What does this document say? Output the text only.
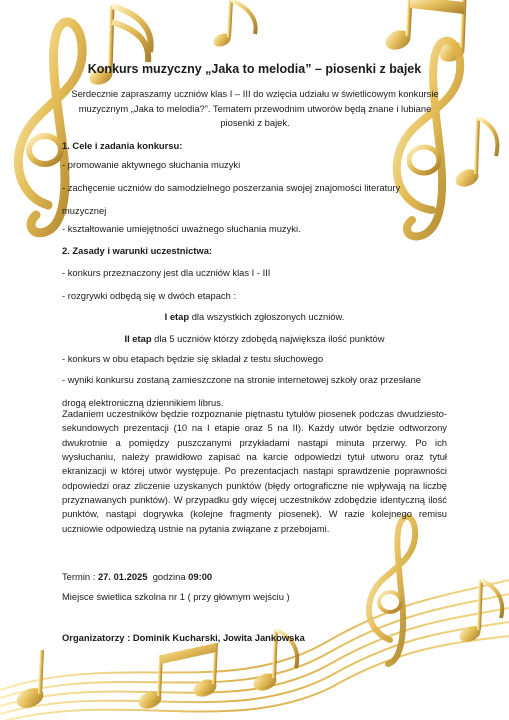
Konkurs muzyczny „Jaka to melodia” – piosenki z bajek

Serdecznie zapraszamy uczniów klas I – III do wzięcia udziału w świetlicowym konkursie muzycznym „Jaka to melodia?”. Tematem przewodnim utworów będą znane i lubiane piosenki z bajek.

1. Cele i zadania konkursu:

- promowanie aktywnego słuchania muzyki

- zachęcenie uczniów do samodzielnego poszerzania swojej znajomości literatury muzycznej

- kształtowanie umiejętności uważnego słuchania muzyki.

2. Zasady i warunki uczestnictwa:

- konkurs przeznaczony jest dla uczniów klas I - III

- rozgrywki odbędą się w dwóch etapach :

I etap dla wszystkich zgłoszonych uczniów.

II etap dla 5 uczniów którzy zdobędą największa ilość punktów

- konkurs w obu etapach będzie się składał z testu słuchowego

- wyniki konkursu zostaną zamieszczone na stronie internetowej szkoły oraz przesłane drogą elektroniczną dziennikiem librus.

Zadaniem uczestników będzie rozpoznanie piętnastu tytułów piosenek podczas dwudziesto-sekundowych prezentacji (10 na I etapie oraz 5 na II). Każdy utwór będzie odtworzony dwukrotnie a pomiędzy puszczanymi przykładami nastąpi minuta przerwy. Po ich wysłuchaniu, należy prawidłowo zapisać na karcie odpowiedzi tytuł utworu oraz tytuł ekranizacji w której utwór występuje. Po prezentacjach nastąpi sprawdzenie poprawności odpowiedzi oraz zliczenie uzyskanych punktów (błędy ortograficzne nie wpływają na liczbę przyznawanych punktów). W przypadku gdy więcej uczestników zdobędzie identyczną ilość punktów, nastąpi dogrywka (kolejne fragmenty piosenek). W razie kolejnego remisu uczniowie odpowiedzą ustnie na pytania związane z przebojami.

Termin : 27. 01.2025  godzina 09:00

Miejsce świetlica szkolna nr 1 ( przy głównym wejściu )

Organizatorzy : Dominik Kucharski, Jowita Jankowska
